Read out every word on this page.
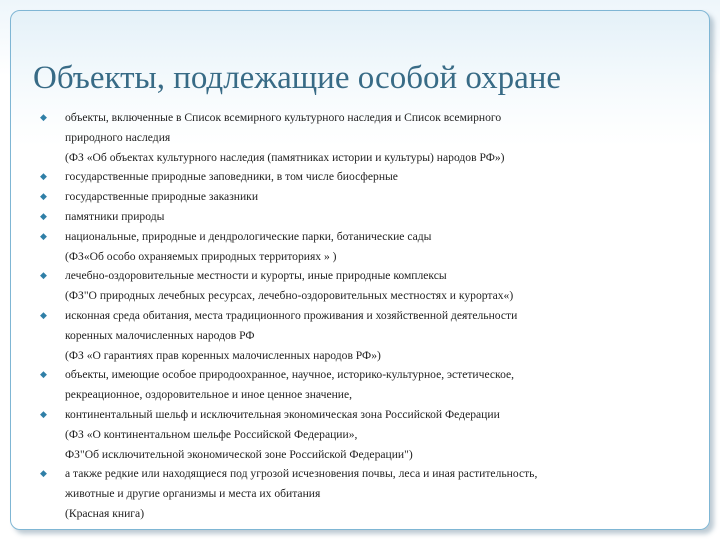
Объекты, подлежащие особой охране
◆	объекты, включенные в Список всемирного культурного наследия и Список всемирного
природного наследия
(ФЗ «Об объектах культурного наследия (памятниках истории и культуры) народов РФ»)
◆	государственные природные заповедники, в том числе биосферные
◆	государственные природные заказники
◆	памятники природы
◆	национальные, природные и дендрологические парки, ботанические сады
(ФЗ«Об особо охраняемых природных территориях » )
◆	лечебно-оздоровительные местности и курорты, иные природные комплексы
(ФЗ"О природных лечебных ресурсах, лечебно-оздоровительных местностях и курортах«)
◆	исконная среда обитания, места традиционного проживания и хозяйственной деятельности
коренных малочисленных народов РФ
(ФЗ «О гарантиях прав коренных малочисленных народов РФ»)
◆	объекты, имеющие особое природоохранное, научное, историко-культурное, эстетическое,
рекреационное, оздоровительное и иное ценное значение,
◆	континентальный шельф и исключительная экономическая зона Российской Федерации
(ФЗ «О континентальном шельфе Российской Федерации»,
ФЗ"Об исключительной экономической зоне Российской Федерации")
◆	а также редкие или находящиеся под угрозой исчезновения почвы, леса и иная растительность,
животные и другие организмы и места их обитания
(Красная книга)
